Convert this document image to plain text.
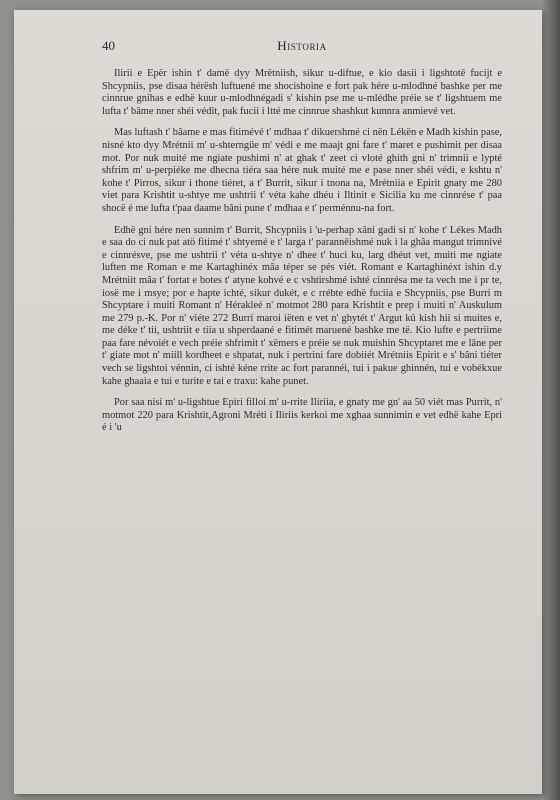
40	Historia

Ilirii e Epër ishin t' damë dyy Mrëtniish, sikur u-diftue, e kio dasii i ligshtotë fucijt e Shcypniis, pse disaa hérësh luftuené me shocishoine e fort pak hére u-mlodhné bashke per me cinnrue gnihas e edhë kuur u-mlodhnégadi s' kishin pse me u-mlédhe préie se t' ligshtuem me lufta t' bâme nner shéi védit, pak fucii i ltté me cinnrue shashkut kunnra anmievé vet.

Mas luftash t' bâame e mas fitimévé t' mdhaa t' dikuershmé ci nën Lékën e Madh kishin pase, nisné kto dyy Mrétnii m' u-shterngüe m' védi e me maajt gni fare t' maret e pushimit per disaa mot. Por nuk muité me ngiate pushimi n' at ghak t' zeet ci vloté ghith gni n' trimnii e lypté shfrim m' u-perpiéke me dhecna tiéra saa hére nuk muité me e pase nner shéi védi, e kshtu n' kohe t' Pirros, sikur i thone tiéret, a t' Burrit, sikur i tnona na, Mrétniia e Epirit gnaty me 280 viet para Krishtit u-shtye me ushtrii t' véta kahe dhéu i Iltinit e Sicilia ku me cinnrése t' paa shocë é me lufta t'paa daame bâni pune t' mdhaa e t' perménnu-na fort.

Edhë gni hére nen sunnim t' Burrit, Shcypniis i 'u-perhap xâni gadi si n' kohe t' Lékes Madh e saa do ci nuk pat atö fitimé t' shtyemé e t' larga t' paranněishmé nuk i la ghâa mangut trimnivé e cinnrésve, pse me ushtrii t' véta u-shtye n' dhee t' huci ku, larg dhéut vet, muiti me ngiate luften me Roman e me Kartaghinéx mâa téper se pés viét. Romant e Kartaghinéxt ishin d.y Mrétniit mâa t' fortat e botes t' atyne kohvé e c vshtirshmé ishté cinnrésa me ta vech me i pr te, iosë me i msye; por e hapte ichté, sikur dukét, e c rrébte edhë fuciia e Shcypniis, pse Burri m Shcyptare i muiti Romant n' Hérakleé n' motmot 280 para Krishtit e prep i muiti n' Auskulum me 279 p.-K. Por n' viéte 272 Burri maroi iëten e vet n' ghytét t' Argut kû kish hii si muites e, me déke t' tii, ushtriit e tiia u shperdaané e fitimét maruené bashke me të. Kio lufte e pertriime paa fare névoiét e vech préie shfrimit t' xëmers e préie se nuk muishin Shcyptaret me e lâne per t' giate mot n' miill kordheet e shpatat, nuk i pertrini fare dobiiét Mrétniis Epirit e s' bâni tiéter vech se ligshtoi vénnin, ci ishté kéne rrite ac fort parannéi, tui i pakue ghinnén, tui e vobékxue kahe ghaaia e tui e turite e tai e traxu: kahe punet.

Por saa nisi m' u-ligshtue Epiri filloi m' u-rrite Iliriia, e gnaty me gn' aa 50 viét mas Purrit, n' motmot 220 para Krishtit,Agroni Mréti i Iliriis kerkoi me xghaa sunnimin e vet edhë kahe Epri é i 'u
